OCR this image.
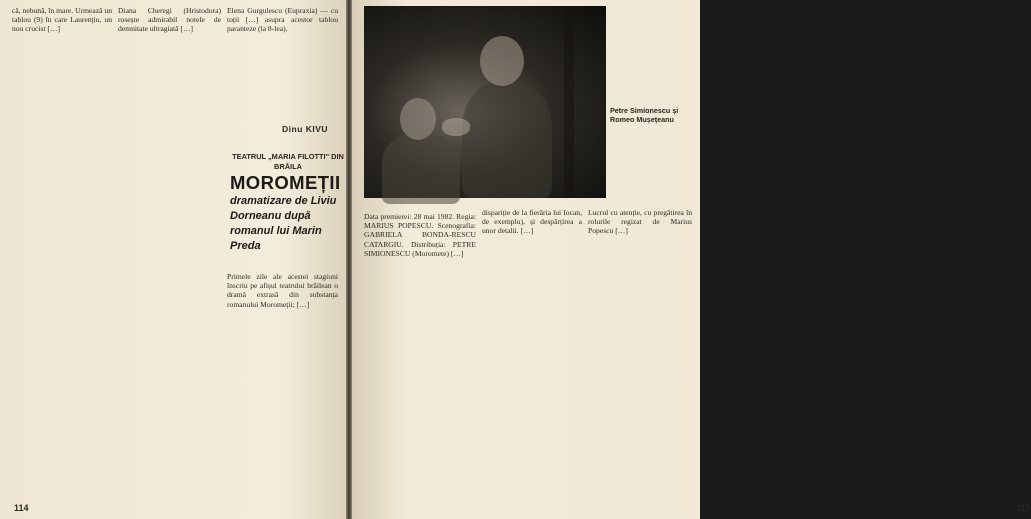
că, nebună, în mare. Urmează un tablou (9) în care Laurențiu, un nou crucist […]

Diana Cheregi (Hristodora) rosește admirabil notele de demnitate ultragiată […]

Elena Gurgulescu (Eupraxia) — cu toții […] asupra acestor tablou paranteze (la 8-lea).

Dinu KIVU
TEATRUL „MARIA FILOTTI" DIN BRĂILA
MOROMEȚII
dramatizare de Liviu Dorneanu după romanul lui Marin Preda

Primele zile ale acestei stagiuni înscriu pe afișul teatrului brăilean o dramă extrasă din substanța romanului Moromeții; […]

114

Data premierei: 28 mai 1982. Regia: MARIUS POPESCU. Scenografia: GABRIELA BONDA-RESCU CATARGIU. Distribuția: PETRE SIMIONESCU (Moromete) […]

dispariție de la fierăria lui Iocan, de exemplu), și despărțirea a unor detalii. […]

Lucrul cu atenție, cu pregătirea în rolurile regizat de Marius Popescu […]

115
Petre Simionescu și Romeo Mușețeanu
